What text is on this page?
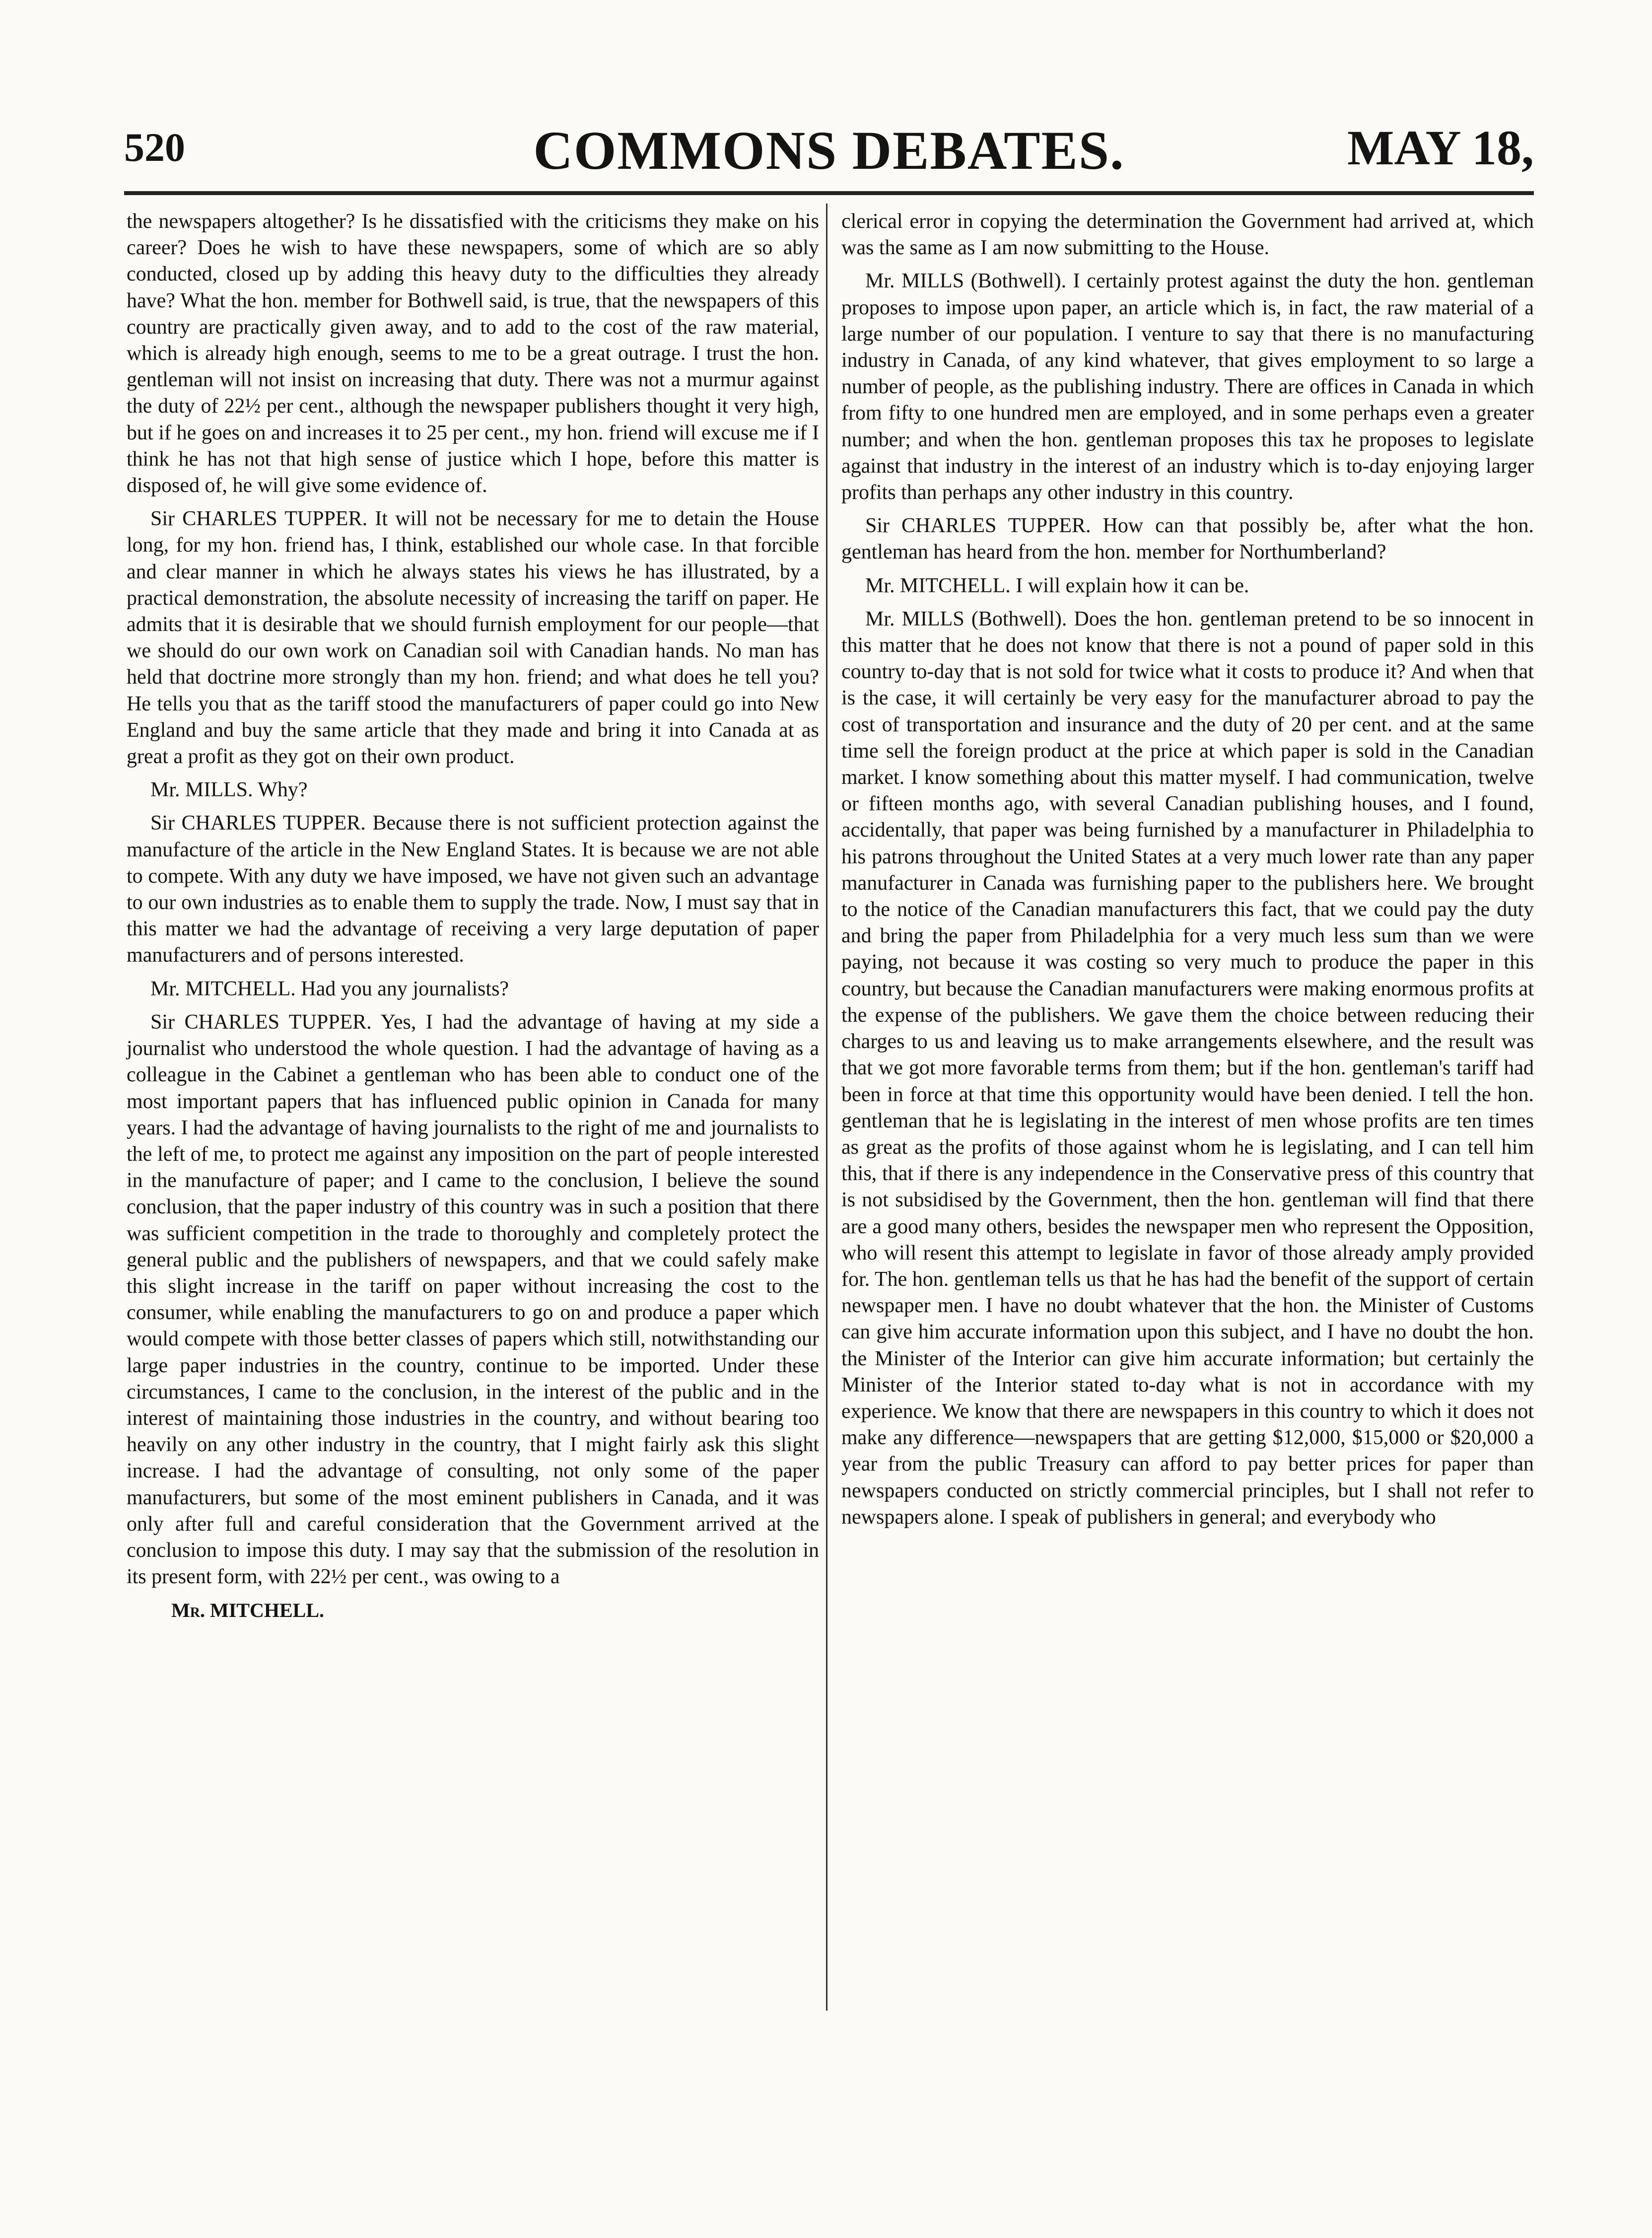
520	COMMONS DEBATES.	MAY 18,

the newspapers altogether? Is he dissatisfied with the criticisms they make on his career? Does he wish to have these newspapers, some of which are so ably conducted, closed up by adding this heavy duty to the difficulties they already have? What the hon. member for Bothwell said, is true, that the newspapers of this country are practically given away, and to add to the cost of the raw material, which is already high enough, seems to me to be a great outrage. I trust the hon. gentleman will not insist on increasing that duty. There was not a murmur against the duty of 22½ per cent., although the newspaper publishers thought it very high, but if he goes on and increases it to 25 per cent., my hon. friend will excuse me if I think he has not that high sense of justice which I hope, before this matter is disposed of, he will give some evidence of.

Sir CHARLES TUPPER. It will not be necessary for me to detain the House long, for my hon. friend has, I think, established our whole case. In that forcible and clear manner in which he always states his views he has illustrated, by a practical demonstration, the absolute necessity of increasing the tariff on paper. He admits that it is desirable that we should furnish employment for our people—that we should do our own work on Canadian soil with Canadian hands. No man has held that doctrine more strongly than my hon. friend; and what does he tell you? He tells you that as the tariff stood the manufacturers of paper could go into New England and buy the same article that they made and bring it into Canada at as great a profit as they got on their own product.

Mr. MILLS. Why?

Sir CHARLES TUPPER. Because there is not sufficient protection against the manufacture of the article in the New England States. It is because we are not able to compete. With any duty we have imposed, we have not given such an advantage to our own industries as to enable them to supply the trade. Now, I must say that in this matter we had the advantage of receiving a very large deputation of paper manufacturers and of persons interested.

Mr. MITCHELL. Had you any journalists?

Sir CHARLES TUPPER. Yes, I had the advantage of having at my side a journalist who understood the whole question. I had the advantage of having as a colleague in the Cabinet a gentleman who has been able to conduct one of the most important papers that has influenced public opinion in Canada for many years. I had the advantage of having journalists to the right of me and journalists to the left of me, to protect me against any imposition on the part of people interested in the manufacture of paper; and I came to the conclusion, I believe the sound conclusion, that the paper industry of this country was in such a position that there was sufficient competition in the trade to thoroughly and completely protect the general public and the publishers of newspapers, and that we could safely make this slight increase in the tariff on paper without increasing the cost to the consumer, while enabling the manufacturers to go on and produce a paper which would compete with those better classes of papers which still, notwithstanding our large paper industries in the country, continue to be imported. Under these circumstances, I came to the conclusion, in the interest of the public and in the interest of maintaining those industries in the country, and without bearing too heavily on any other industry in the country, that I might fairly ask this slight increase. I had the advantage of consulting, not only some of the paper manufacturers, but some of the most eminent publishers in Canada, and it was only after full and careful consideration that the Government arrived at the conclusion to impose this duty. I may say that the submission of the resolution in its present form, with 22½ per cent., was owing to a

Mr. MITCHELL.

clerical error in copying the determination the Government had arrived at, which was the same as I am now submitting to the House.

Mr. MILLS (Bothwell). I certainly protest against the duty the hon. gentleman proposes to impose upon paper, an article which is, in fact, the raw material of a large number of our population. I venture to say that there is no manufacturing industry in Canada, of any kind whatever, that gives employment to so large a number of people, as the publishing industry. There are offices in Canada in which from fifty to one hundred men are employed, and in some perhaps even a greater number; and when the hon. gentleman proposes this tax he proposes to legislate against that industry in the interest of an industry which is to-day enjoying larger profits than perhaps any other industry in this country.

Sir CHARLES TUPPER. How can that possibly be, after what the hon. gentleman has heard from the hon. member for Northumberland?

Mr. MITCHELL. I will explain how it can be.

Mr. MILLS (Bothwell). Does the hon. gentleman pretend to be so innocent in this matter that he does not know that there is not a pound of paper sold in this country to-day that is not sold for twice what it costs to produce it? And when that is the case, it will certainly be very easy for the manufacturer abroad to pay the cost of transportation and insurance and the duty of 20 per cent. and at the same time sell the foreign product at the price at which paper is sold in the Canadian market. I know something about this matter myself. I had communication, twelve or fifteen months ago, with several Canadian publishing houses, and I found, accidentally, that paper was being furnished by a manufacturer in Philadelphia to his patrons throughout the United States at a very much lower rate than any paper manufacturer in Canada was furnishing paper to the publishers here. We brought to the notice of the Canadian manufacturers this fact, that we could pay the duty and bring the paper from Philadelphia for a very much less sum than we were paying, not because it was costing so very much to produce the paper in this country, but because the Canadian manufacturers were making enormous profits at the expense of the publishers. We gave them the choice between reducing their charges to us and leaving us to make arrangements elsewhere, and the result was that we got more favorable terms from them; but if the hon. gentleman's tariff had been in force at that time this opportunity would have been denied. I tell the hon. gentleman that he is legislating in the interest of men whose profits are ten times as great as the profits of those against whom he is legislating, and I can tell him this, that if there is any independence in the Conservative press of this country that is not subsidised by the Government, then the hon. gentleman will find that there are a good many others, besides the newspaper men who represent the Opposition, who will resent this attempt to legislate in favor of those already amply provided for. The hon. gentleman tells us that he has had the benefit of the support of certain newspaper men. I have no doubt whatever that the hon. the Minister of Customs can give him accurate information upon this subject, and I have no doubt the hon. the Minister of the Interior can give him accurate information; but certainly the Minister of the Interior stated to-day what is not in accordance with my experience. We know that there are newspapers in this country to which it does not make any difference—newspapers that are getting $12,000, $15,000 or $20,000 a year from the public Treasury can afford to pay better prices for paper than newspapers conducted on strictly commercial principles, but I shall not refer to newspapers alone. I speak of publishers in general; and everybody who
